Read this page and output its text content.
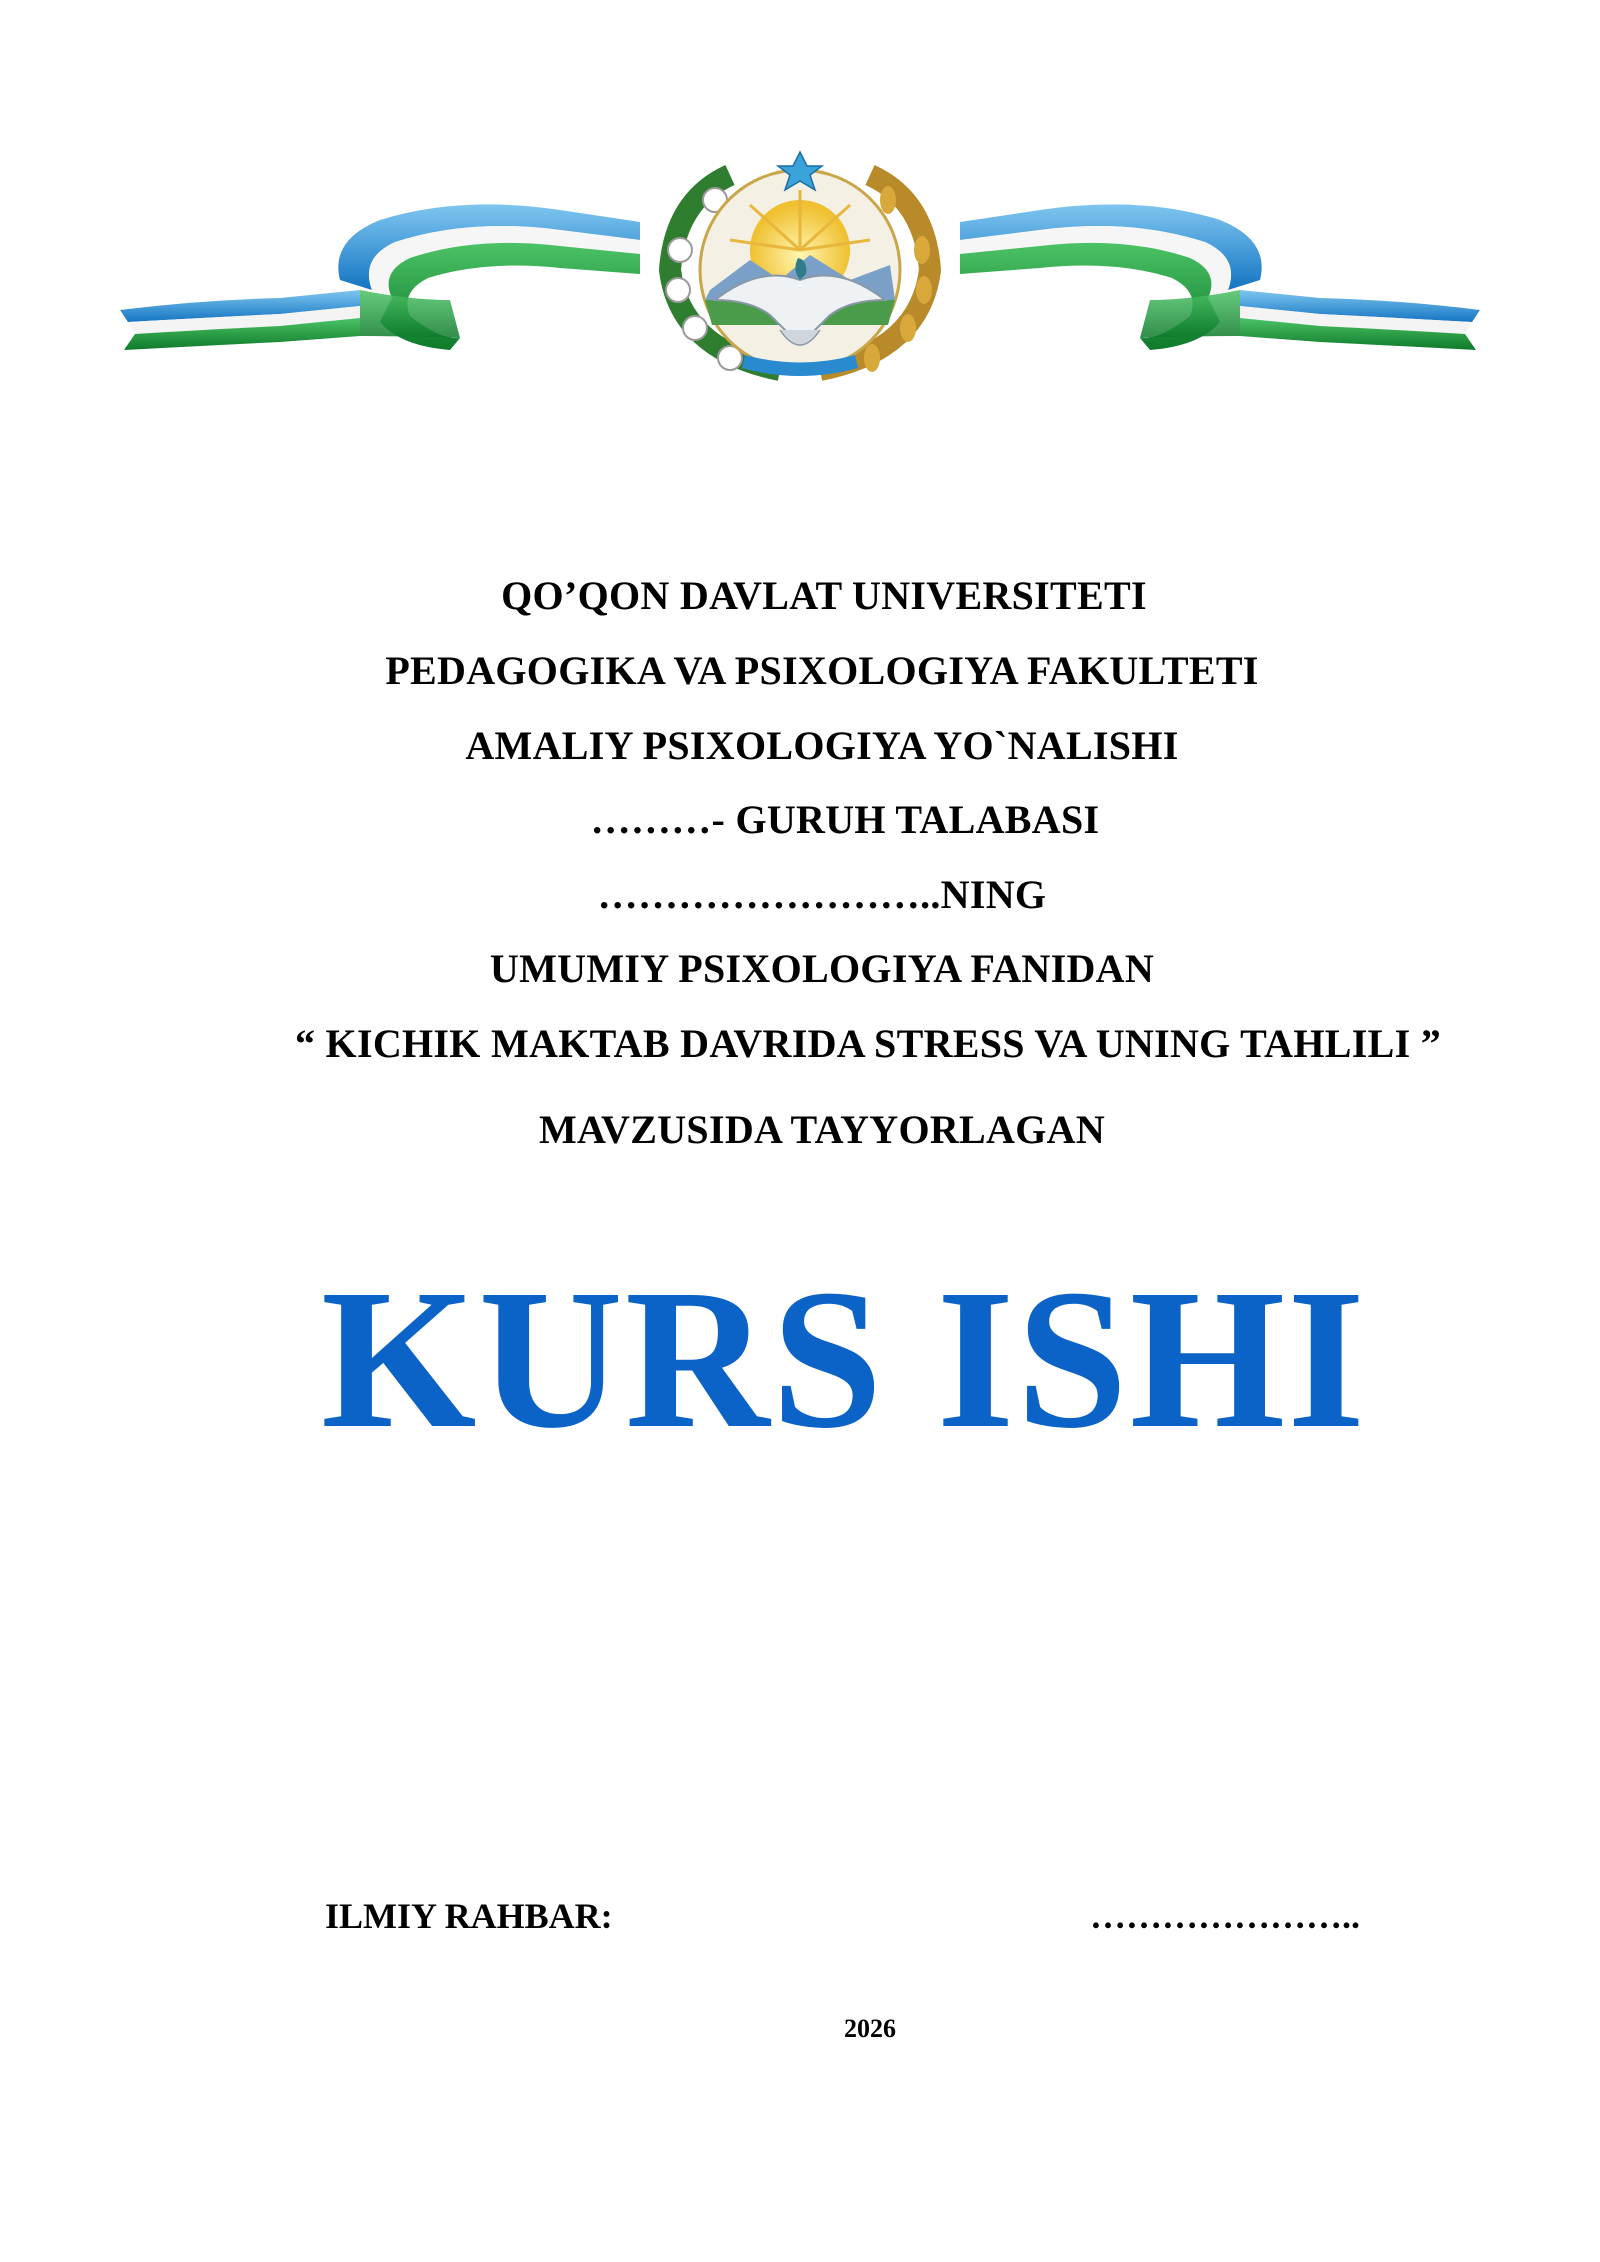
QO’QON DAVLAT UNIVERSITETI
PEDAGOGIKA VA PSIXOLOGIYA FAKULTETI
AMALIY PSIXOLOGIYA YO`NALISHI
………- GURUH TALABASI
……………………..NING
UMUMIY PSIXOLOGIYA FANIDAN
“ KICHIK MAKTAB DAVRIDA STRESS VA UNING TAHLILI ”
MAVZUSIDA TAYYORLAGAN
KURS ISHI
ILMIY RAHBAR:	…………………..
2026
